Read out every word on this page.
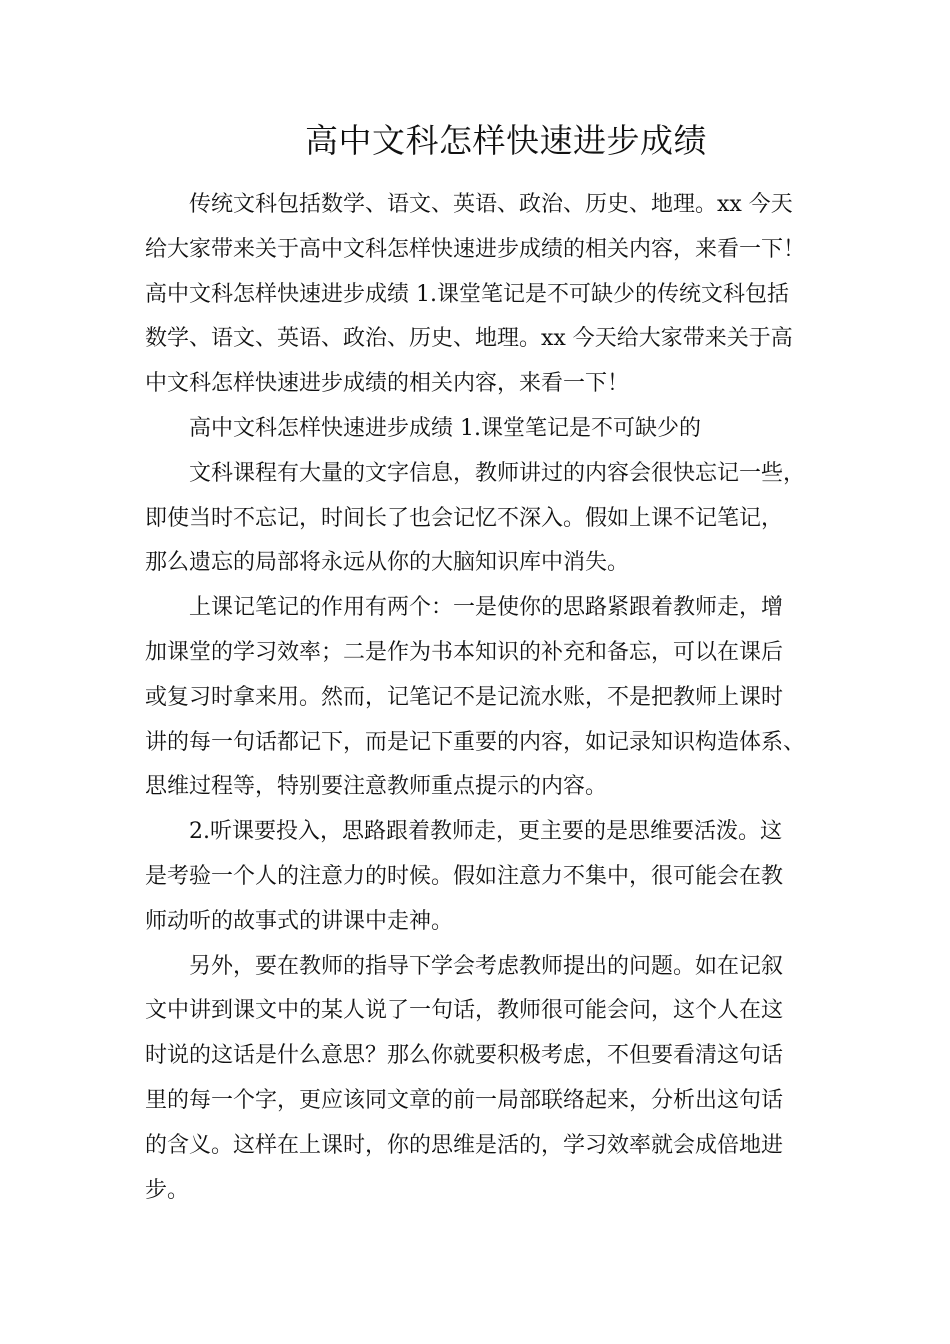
高中文科怎样快速进步成绩
传统文科包括数学、语文、英语、政治、历史、地理。xx 今天
给大家带来关于高中文科怎样快速进步成绩的相关内容，来看一下！
高中文科怎样快速进步成绩 1.课堂笔记是不可缺少的传统文科包括
数学、语文、英语、政治、历史、地理。xx 今天给大家带来关于高
中文科怎样快速进步成绩的相关内容，来看一下！
高中文科怎样快速进步成绩 1.课堂笔记是不可缺少的
文科课程有大量的文字信息，教师讲过的内容会很快忘记一些，
即使当时不忘记，时间长了也会记忆不深入。假如上课不记笔记，
那么遗忘的局部将永远从你的大脑知识库中消失。
上课记笔记的作用有两个：一是使你的思路紧跟着教师走，增
加课堂的学习效率；二是作为书本知识的补充和备忘，可以在课后
或复习时拿来用。然而，记笔记不是记流水账，不是把教师上课时
讲的每一句话都记下，而是记下重要的内容，如记录知识构造体系、
思维过程等，特别要注意教师重点提示的内容。
2.听课要投入，思路跟着教师走，更主要的是思维要活泼。这
是考验一个人的注意力的时候。假如注意力不集中，很可能会在教
师动听的故事式的讲课中走神。
另外，要在教师的指导下学会考虑教师提出的问题。如在记叙
文中讲到课文中的某人说了一句话，教师很可能会问，这个人在这
时说的这话是什么意思？那么你就要积极考虑，不但要看清这句话
里的每一个字，更应该同文章的前一局部联络起来，分析出这句话
的含义。这样在上课时，你的思维是活的，学习效率就会成倍地进
步。
